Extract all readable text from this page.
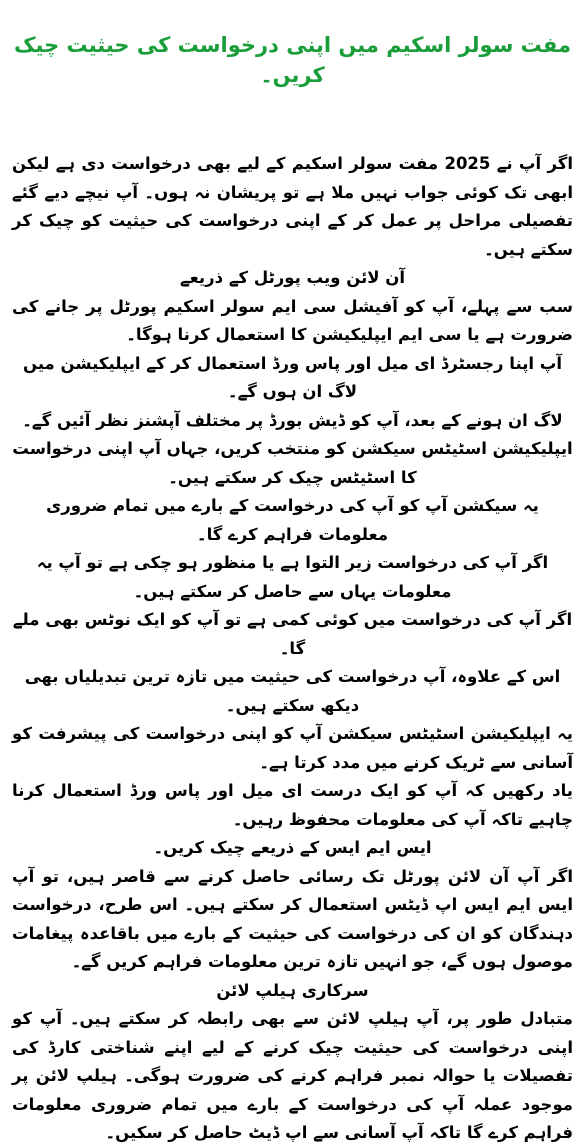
مفت سولر اسکیم میں اپنی درخواست کی حیثیت چیک کریں۔

اگر آپ نے 2025 مفت سولر اسکیم کے لیے بھی درخواست دی ہے لیکن ابھی تک کوئی جواب نہیں ملا ہے تو پریشان نہ ہوں۔ آپ نیچے دیے گئے تفصیلی مراحل پر عمل کر کے اپنی درخواست کی حیثیت کو چیک کر سکتے ہیں۔

آن لائن ویب پورٹل کے ذریعے

سب سے پہلے، آپ کو آفیشل سی ایم سولر اسکیم پورٹل پر جانے کی ضرورت ہے یا سی ایم ایپلیکیشن کا استعمال کرنا ہوگا۔

آپ اپنا رجسٹرڈ ای میل اور پاس ورڈ استعمال کر کے ایپلیکیشن میں لاگ ان ہوں گے۔

لاگ ان ہونے کے بعد، آپ کو ڈیش بورڈ پر مختلف آپشنز نظر آئیں گے۔

ایپلیکیشن اسٹیٹس سیکشن کو منتخب کریں، جہاں آپ اپنی درخواست کا اسٹیٹس چیک کر سکتے ہیں۔

یہ سیکشن آپ کو آپ کی درخواست کے بارے میں تمام ضروری معلومات فراہم کرے گا۔

اگر آپ کی درخواست زیر التوا ہے یا منظور ہو چکی ہے تو آپ یہ معلومات یہاں سے حاصل کر سکتے ہیں۔

اگر آپ کی درخواست میں کوئی کمی ہے تو آپ کو ایک نوٹس بھی ملے گا۔

اس کے علاوہ، آپ درخواست کی حیثیت میں تازہ ترین تبدیلیاں بھی دیکھ سکتے ہیں۔

یہ ایپلیکیشن اسٹیٹس سیکشن آپ کو اپنی درخواست کی پیشرفت کو آسانی سے ٹریک کرنے میں مدد کرتا ہے۔

یاد رکھیں کہ آپ کو ایک درست ای میل اور پاس ورڈ استعمال کرنا چاہیے تاکہ آپ کی معلومات محفوظ رہیں۔

ایس ایم ایس کے ذریعے چیک کریں۔

اگر آپ آن لائن پورٹل تک رسائی حاصل کرنے سے قاصر ہیں، تو آپ ایس ایم ایس اپ ڈیٹس استعمال کر سکتے ہیں۔ اس طرح، درخواست دہندگان کو ان کی درخواست کی حیثیت کے بارے میں باقاعدہ پیغامات موصول ہوں گے، جو انہیں تازہ ترین معلومات فراہم کریں گے۔

سرکاری ہیلپ لائن

متبادل طور پر، آپ ہیلپ لائن سے بھی رابطہ کر سکتے ہیں۔ آپ کو اپنی درخواست کی حیثیت چیک کرنے کے لیے اپنے شناختی کارڈ کی تفصیلات یا حوالہ نمبر فراہم کرنے کی ضرورت ہوگی۔ ہیلپ لائن پر موجود عملہ آپ کی درخواست کے بارے میں تمام ضروری معلومات فراہم کرے گا تاکہ آپ آسانی سے اپ ڈیٹ حاصل کر سکیں۔
